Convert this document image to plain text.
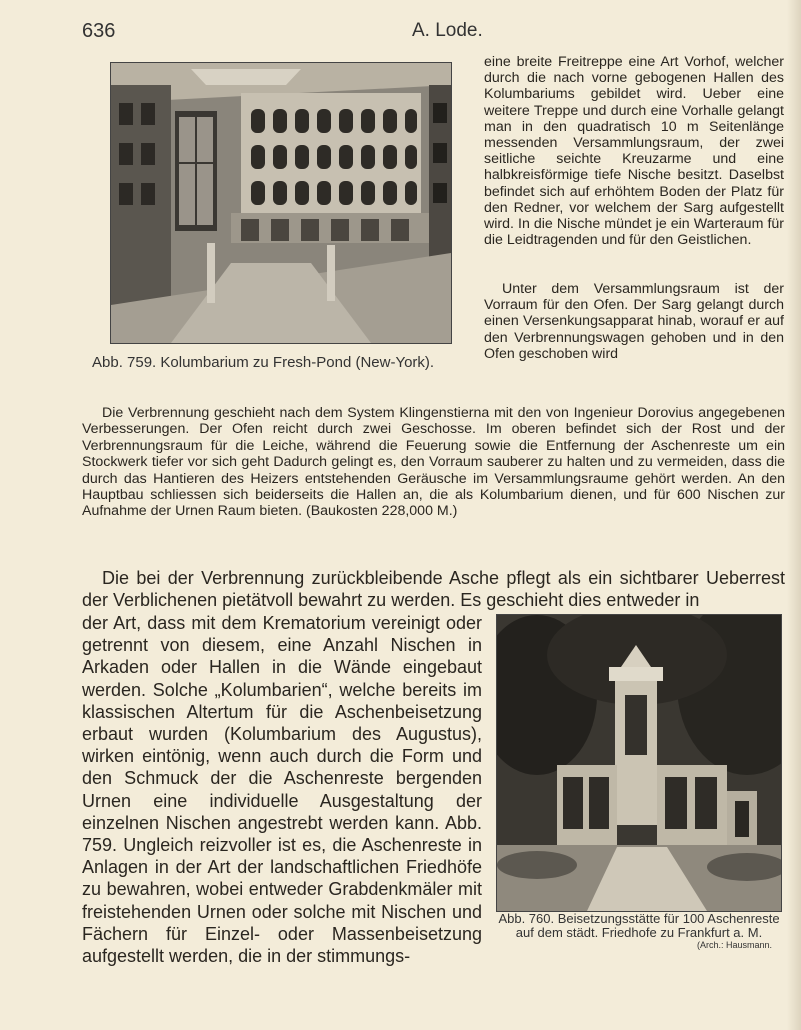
636	A. Lode.
Abb. 759. Kolumbarium zu Fresh-Pond (New-York).

eine breite Freitreppe eine Art Vorhof, welcher durch die nach vorne gebogenen Hallen des Kolumbariums gebildet wird. Ueber eine weitere Treppe und durch eine Vorhalle gelangt man in den quadratisch 10 m Seitenlänge messenden Versammlungsraum, der zwei seitliche seichte Kreuzarme und eine halbkreisförmige tiefe Nische besitzt. Daselbst befindet sich auf erhöhtem Boden der Platz für den Redner, vor welchem der Sarg aufgestellt wird. In die Nische mündet je ein Warteraum für die Leidtragenden und für den Geistlichen.

Unter dem Versammlungsraum ist der Vorraum für den Ofen. Der Sarg gelangt durch einen Versenkungsapparat hinab, worauf er auf den Verbrennungswagen gehoben und in den Ofen geschoben wird

Die Verbrennung geschieht nach dem System Klingenstierna mit den von Ingenieur Dorovius angegebenen Verbesserungen. Der Ofen reicht durch zwei Geschosse. Im oberen befindet sich der Rost und der Verbrennungsraum für die Leiche, während die Feuerung sowie die Entfernung der Aschenreste um ein Stockwerk tiefer vor sich geht Dadurch gelingt es, den Vorraum sauberer zu halten und zu vermeiden, dass die durch das Hantieren des Heizers entstehenden Geräusche im Versammlungsraume gehört werden. An den Hauptbau schliessen sich beiderseits die Hallen an, die als Kolumbarium dienen, und für 600 Nischen zur Aufnahme der Urnen Raum bieten. (Baukosten 228,000 M.)

Die bei der Verbrennung zurückbleibende Asche pflegt als ein sichtbarer Ueberrest der Verblichenen pietätvoll bewahrt zu werden. Es geschieht dies entweder in

der Art, dass mit dem Krematorium vereinigt oder getrennt von diesem, eine Anzahl Nischen in Arkaden oder Hallen in die Wände eingebaut werden. Solche „Kolumbarien“, welche bereits im klassischen Altertum für die Aschenbeisetzung erbaut wurden (Kolumbarium des Augustus), wirken eintönig, wenn auch durch die Form und den Schmuck der die Aschenreste bergenden Urnen eine individuelle Ausgestaltung der einzelnen Nischen angestrebt werden kann. Abb. 759. Ungleich reizvoller ist es, die Aschenreste in Anlagen in der Art der landschaftlichen Friedhöfe zu bewahren, wobei entweder Grabdenkmäler mit freistehenden Urnen oder solche mit Nischen und Fächern für Einzel- oder Massenbeisetzung aufgestellt werden, die in der stimmungs-

Abb. 760. Beisetzungsstätte für 100 Aschenreste auf dem städt. Friedhofe zu Frankfurt a. M.
(Arch.: Hausmann.
